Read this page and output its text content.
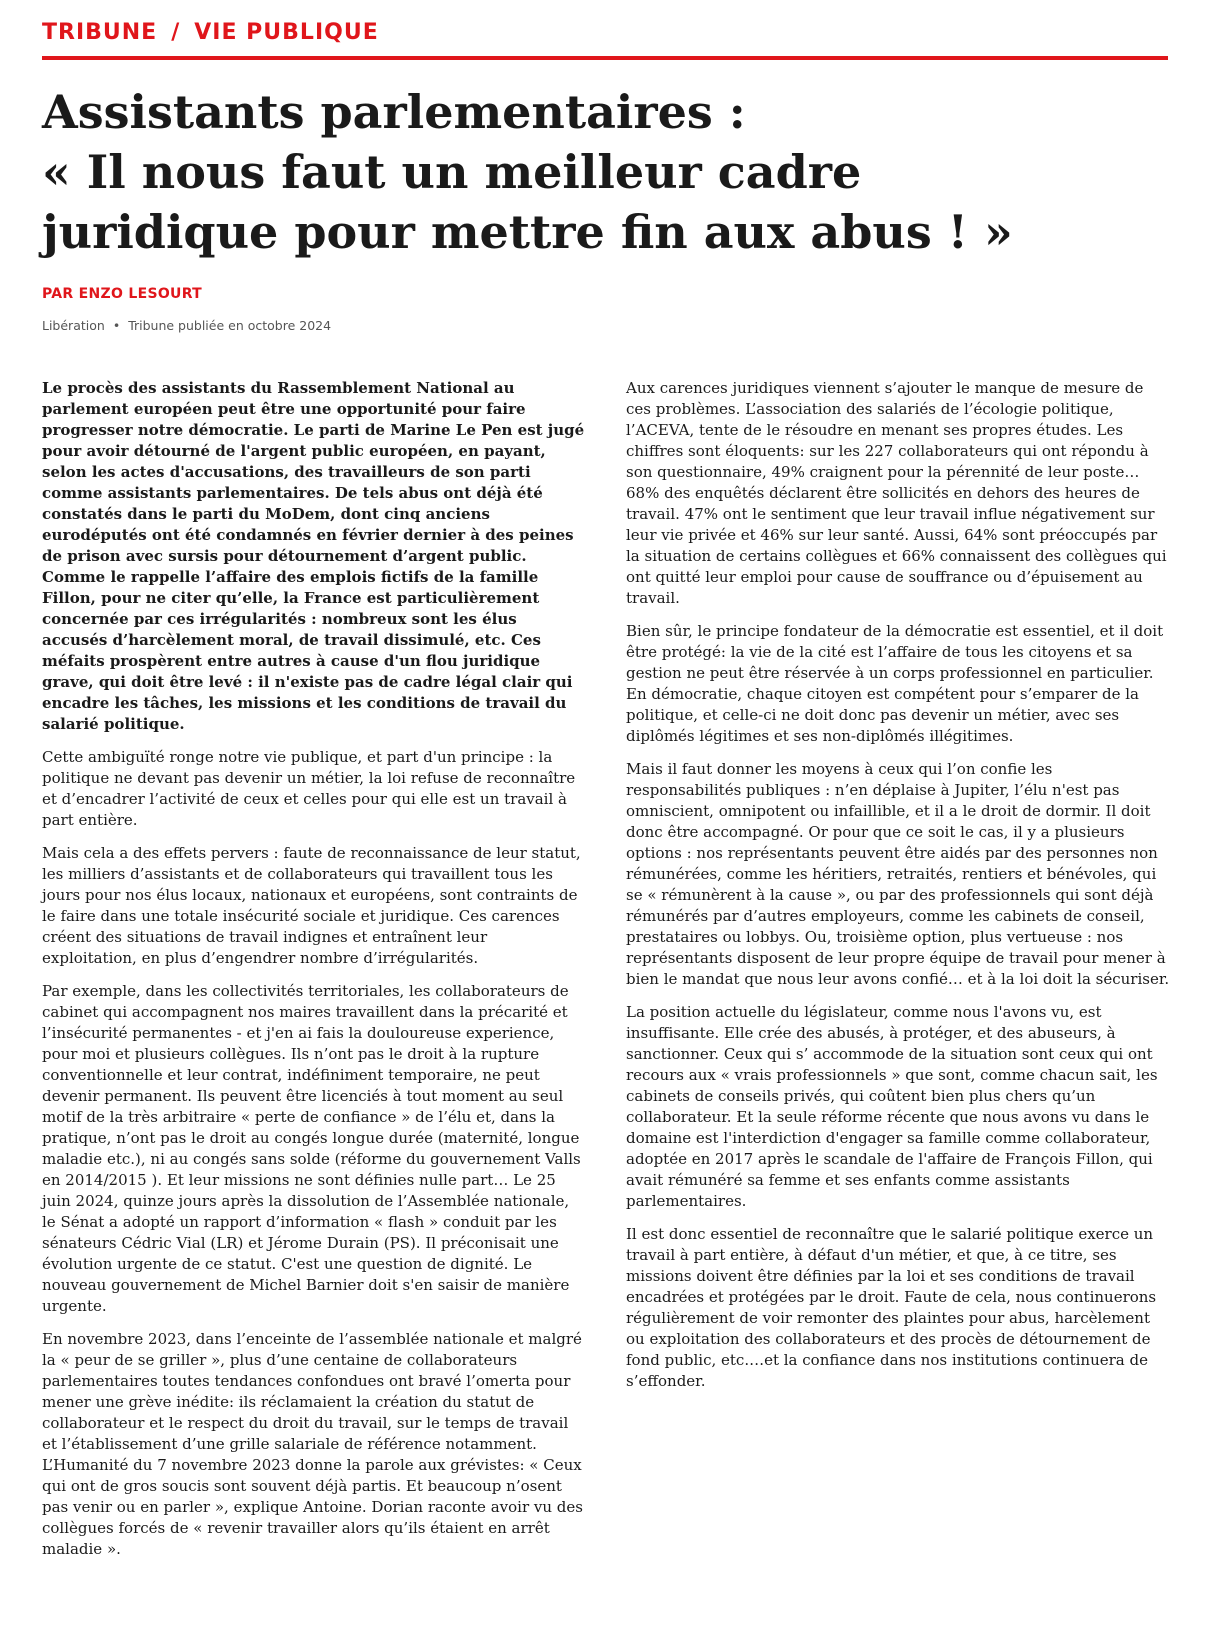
TRIBUNE / VIE PUBLIQUE
Assistants parlementaires :
« Il nous faut un meilleur cadre
juridique pour mettre fin aux abus ! »
PAR ENZO LESOURT
Libération • Tribune publiée en octobre 2024

Le procès des assistants du Rassemblement National au parlement européen peut être une opportunité pour faire progresser notre démocratie. Le parti de Marine Le Pen est jugé pour avoir détourné de l'argent public européen, en payant, selon les actes d'accusations, des travailleurs de son parti comme assistants parlementaires. De tels abus ont déjà été constatés dans le parti du MoDem, dont cinq anciens eurodéputés ont été condamnés en février dernier à des peines de prison avec sursis pour détournement d’argent public. Comme le rappelle l’affaire des emplois fictifs de la famille Fillon, pour ne citer qu’elle, la France est particulièrement concernée par ces irrégularités : nombreux sont les élus accusés d’harcèlement moral, de travail dissimulé, etc. Ces méfaits prospèrent entre autres à cause d'un flou juridique grave, qui doit être levé : il n'existe pas de cadre légal clair qui encadre les tâches, les missions et les conditions de travail du salarié politique.

Cette ambiguïté ronge notre vie publique, et part d'un principe : la politique ne devant pas devenir un métier, la loi refuse de reconnaître et d’encadrer l’activité de ceux et celles pour qui elle est un travail à part entière.

Mais cela a des effets pervers : faute de reconnaissance de leur statut, les milliers d’assistants et de collaborateurs qui travaillent tous les jours pour nos élus locaux, nationaux et européens, sont contraints de le faire dans une totale insécurité sociale et juridique. Ces carences créent des situations de travail indignes et entraînent leur exploitation, en plus d’engendrer nombre d’irrégularités.

Par exemple, dans les collectivités territoriales, les collaborateurs de cabinet qui accompagnent nos maires travaillent dans la précarité et l’insécurité permanentes - et j'en ai fais la douloureuse experience, pour moi et plusieurs collègues. Ils n’ont pas le droit à la rupture conventionnelle et leur contrat, indéfiniment temporaire, ne peut devenir permanent. Ils peuvent être licenciés à tout moment au seul motif de la très arbitraire « perte de confiance » de l’élu et, dans la pratique, n’ont pas le droit au congés longue durée (maternité, longue maladie etc.), ni au congés sans solde (réforme du gouvernement Valls en 2014/2015 ). Et leur missions ne sont définies nulle part… Le 25 juin 2024, quinze jours après la dissolution de l’Assemblée nationale, le Sénat a adopté un rapport d’information « flash » conduit par les sénateurs Cédric Vial (LR) et Jérome Durain (PS). Il préconisait une évolution urgente de ce statut. C'est une question de dignité. Le nouveau gouvernement de Michel Barnier doit s'en saisir de manière urgente.

En novembre 2023, dans l’enceinte de l’assemblée nationale et malgré la « peur de se griller », plus d’une centaine de collaborateurs parlementaires toutes tendances confondues ont bravé l’omerta pour mener une grève inédite: ils réclamaient la création du statut de collaborateur et le respect du droit du travail, sur le temps de travail et l’établissement d’une grille salariale de référence notamment. L’Humanité du 7 novembre 2023 donne la parole aux grévistes: « Ceux qui ont de gros soucis sont souvent déjà partis. Et beaucoup n’osent pas venir ou en parler », explique Antoine. Dorian raconte avoir vu des collègues forcés de « revenir travailler alors qu’ils étaient en arrêt maladie ».

Aux carences juridiques viennent s’ajouter le manque de mesure de ces problèmes. L’association des salariés de l’écologie politique, l’ACEVA, tente de le résoudre en menant ses propres études. Les chiffres sont éloquents: sur les 227 collaborateurs qui ont répondu à son questionnaire, 49% craignent pour la pérennité de leur poste… 68% des enquêtés déclarent être sollicités en dehors des heures de travail. 47% ont le sentiment que leur travail influe négativement sur leur vie privée et 46% sur leur santé. Aussi, 64% sont préoccupés par la situation de certains collègues et 66% connaissent des collègues qui ont quitté leur emploi pour cause de souffrance ou d’épuisement au travail.

Bien sûr, le principe fondateur de la démocratie est essentiel, et il doit être protégé: la vie de la cité est l’affaire de tous les citoyens et sa gestion ne peut être réservée à un corps professionnel en particulier. En démocratie, chaque citoyen est compétent pour s’emparer de la politique, et celle-ci ne doit donc pas devenir un métier, avec ses diplômés légitimes et ses non-diplômés illégitimes.

Mais il faut donner les moyens à ceux qui l’on confie les responsabilités publiques : n’en déplaise à Jupiter, l’élu n'est pas omniscient, omnipotent ou infaillible, et il a le droit de dormir. Il doit donc être accompagné. Or pour que ce soit le cas, il y a plusieurs options : nos représentants peuvent être aidés par des personnes non rémunérées, comme les héritiers, retraités, rentiers et bénévoles, qui se « rémunèrent à la cause », ou par des professionnels qui sont déjà rémunérés par d’autres employeurs, comme les cabinets de conseil, prestataires ou lobbys. Ou, troisième option, plus vertueuse : nos représentants disposent de leur propre équipe de travail pour mener à bien le mandat que nous leur avons confié… et à la loi doit la sécuriser.

La position actuelle du législateur, comme nous l'avons vu, est insuffisante. Elle crée des abusés, à protéger, et des abuseurs, à sanctionner. Ceux qui s’ accommode de la situation sont ceux qui ont recours aux « vrais professionnels » que sont, comme chacun sait, les cabinets de conseils privés, qui coûtent bien plus chers qu’un collaborateur. Et la seule réforme récente que nous avons vu dans le domaine est l'interdiction d'engager sa famille comme collaborateur, adoptée en 2017 après le scandale de l'affaire de François Fillon, qui avait rémunéré sa femme et ses enfants comme assistants parlementaires.

Il est donc essentiel de reconnaître que le salarié politique exerce un travail à part entière, à défaut d'un métier, et que, à ce titre, ses missions doivent être définies par la loi et ses conditions de travail encadrées et protégées par le droit. Faute de cela, nous continuerons régulièrement de voir remonter des plaintes pour abus, harcèlement ou exploitation des collaborateurs et des procès de détournement de fond public, etc.…et la confiance dans nos institutions continuera de s’effonder.
